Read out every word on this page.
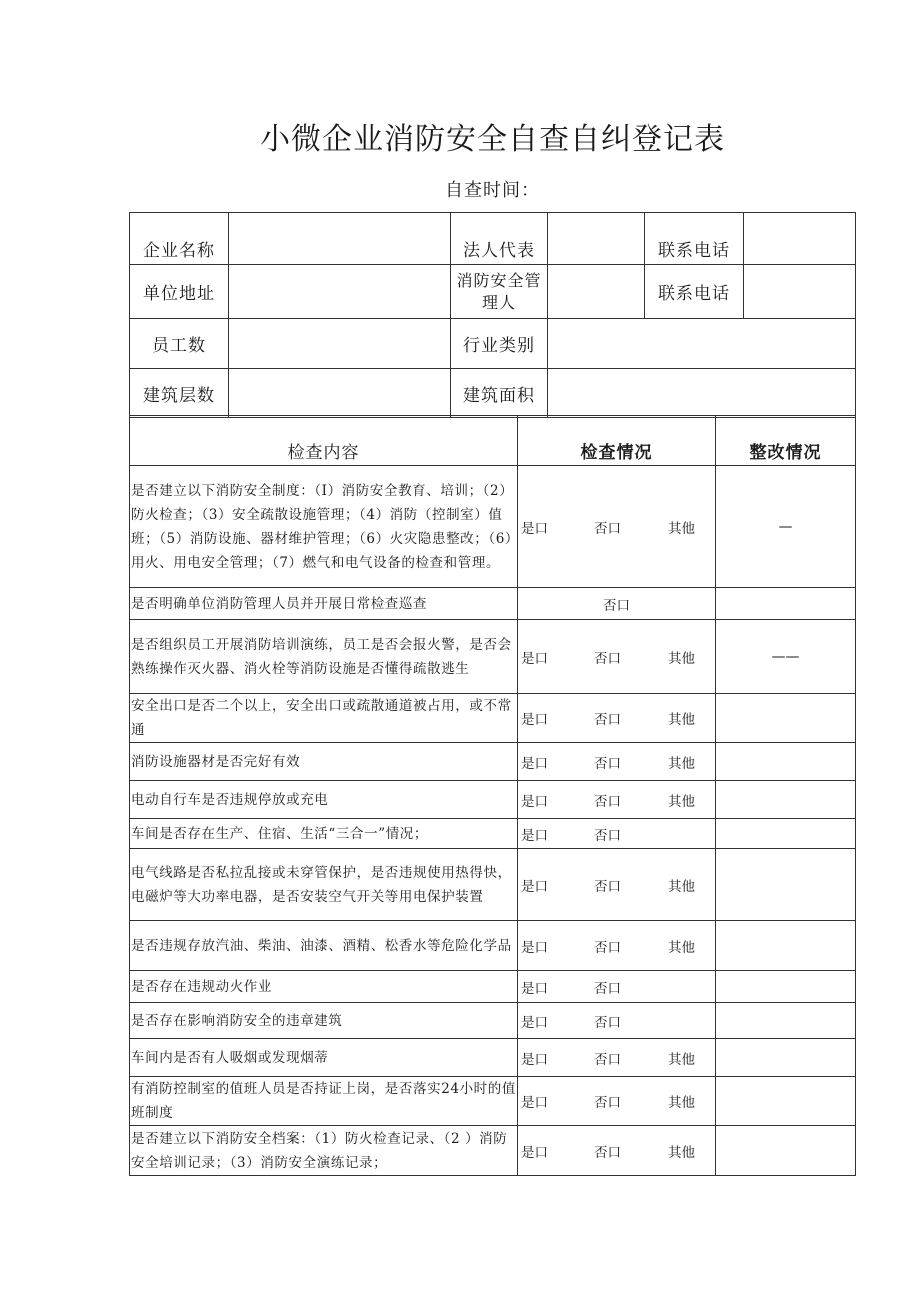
小微企业消防安全自查自纠登记表
自查时间：
企业名称		法人代表		联系电话	
单位地址		消防安全管理人		联系电话	
员工数		行业类别			
建筑层数		建筑面积			
检查内容	检查情况	整改情况
是否建立以下消防安全制度：（I）消防安全教育、培训；（2）防火检查；（3）安全疏散设施管理；（4）消防（控制室）值班；（5）消防设施、器材维护管理；（6）火灾隐患整改；（6）用火、用电安全管理；（7）燃气和电气设备的检查和管理。	是口 否口 其他	—
是否明确单位消防管理人员并开展日常检查巡查	否口	

是否组织员工开展消防培训演练，员工是否会报火警，是否会熟练操作灭火器、消火栓等消防设施是否懂得疏散逃生	是口 否口 其他	——
安全出口是否二个以上，安全出口或疏散通道被占用，或不常通	是口 否口 其他	

消防设施器材是否完好有效	是口 否口 其他	

电动自行车是否违规停放或充电	是口 否口 其他	

车间是否存在生产、住宿、生活“三合一”情况；	是口 否口	

电气线路是否私拉乱接或未穿管保护，是否违规使用热得快，电磁炉等大功率电器，是否安装空气开关等用电保护装置	是口 否口 其他	

是否违规存放汽油、柴油、油漆、酒精、松香水等危险化学品	是口 否口 其他	

是否存在违规动火作业	是口 否口	

是否存在影响消防安全的违章建筑	是口 否口	

车间内是否有人吸烟或发现烟蒂	是口 否口 其他	

有消防控制室的值班人员是否持证上岗，是否落实24小时的值班制度	是口 否口 其他	

是否建立以下消防安全档案：（1）防火检查记录、（2 ）消防安全培训记录；（3）消防安全演练记录；	是口 否口 其他	
